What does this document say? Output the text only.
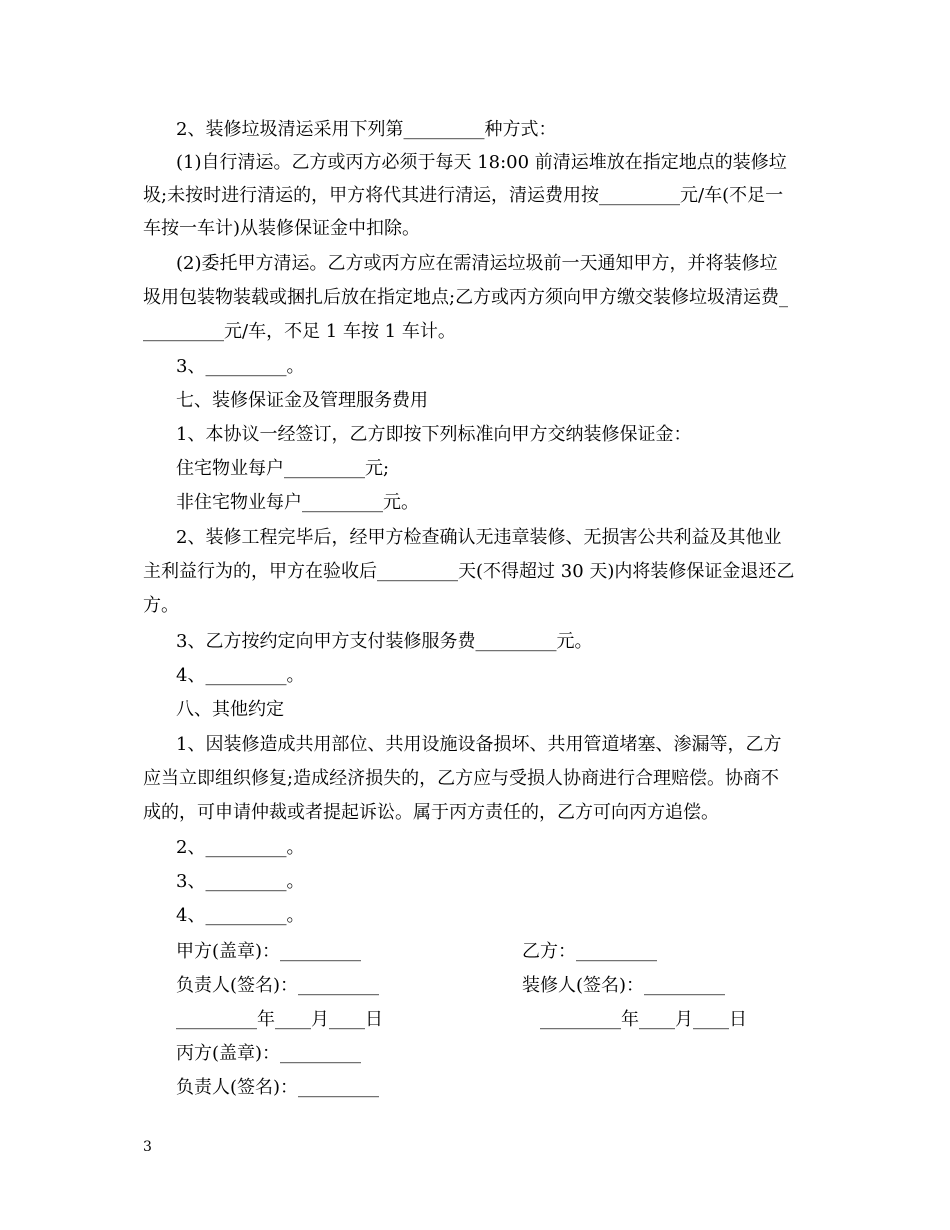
2、装修垃圾清运采用下列第_________种方式：
(1)自行清运。乙方或丙方必须于每天 18:00 前清运堆放在指定地点的装修垃
圾;未按时进行清运的，甲方将代其进行清运，清运费用按_________元/车(不足一
车按一车计)从装修保证金中扣除。
(2)委托甲方清运。乙方或丙方应在需清运垃圾前一天通知甲方，并将装修垃
圾用包装物装载或捆扎后放在指定地点;乙方或丙方须向甲方缴交装修垃圾清运费_
_________元/车，不足 1 车按 1 车计。
3、_________。
七、装修保证金及管理服务费用
1、本协议一经签订，乙方即按下列标准向甲方交纳装修保证金：
住宅物业每户_________元;
非住宅物业每户_________元。
2、装修工程完毕后，经甲方检查确认无违章装修、无损害公共利益及其他业
主利益行为的，甲方在验收后_________天(不得超过 30 天)内将装修保证金退还乙
方。
3、乙方按约定向甲方支付装修服务费_________元。
4、_________。
八、其他约定
1、因装修造成共用部位、共用设施设备损坏、共用管道堵塞、渗漏等，乙方
应当立即组织修复;造成经济损失的，乙方应与受损人协商进行合理赔偿。协商不
成的，可申请仲裁或者提起诉讼。属于丙方责任的，乙方可向丙方追偿。
2、_________。
3、_________。
4、_________。
甲方(盖章)：_________	乙方：_________
负责人(签名)：_________	装修人(签名)：_________
_________年____月____日	_________年____月____日
丙方(盖章)：_________
负责人(签名)：_________
3
